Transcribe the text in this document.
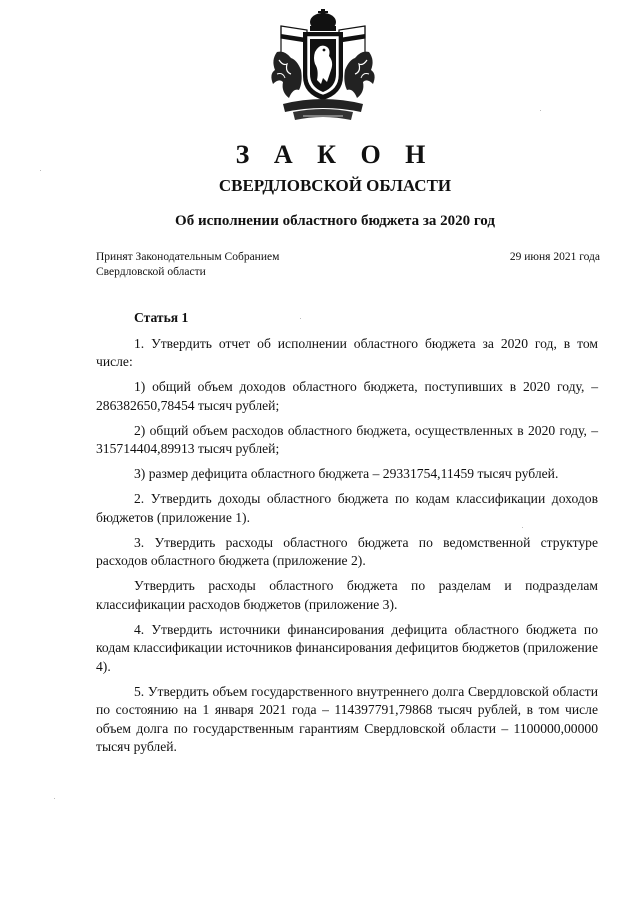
З А К О Н
СВЕРДЛОВСКОЙ ОБЛАСТИ
Об исполнении областного бюджета за 2020 год
Принят Законодательным Собранием
Свердловской области
29 июня 2021 года
Статья 1

1. Утвердить отчет об исполнении областного бюджета за 2020 год, в том числе:

1) общий объем доходов областного бюджета, поступивших в 2020 году, – 286382650,78454 тысяч рублей;

2) общий объем расходов областного бюджета, осуществленных в 2020 году, – 315714404,89913 тысяч рублей;

3) размер дефицита областного бюджета – 29331754,11459 тысяч рублей.

2. Утвердить доходы областного бюджета по кодам классификации доходов бюджетов (приложение 1).

3. Утвердить расходы областного бюджета по ведомственной структуре расходов областного бюджета (приложение 2).

Утвердить расходы областного бюджета по разделам и подразделам классификации расходов бюджетов (приложение 3).

4. Утвердить источники финансирования дефицита областного бюджета по кодам классификации источников финансирования дефицитов бюджетов (приложение 4).

5. Утвердить объем государственного внутреннего долга Свердловской области по состоянию на 1 января 2021 года – 114397791,79868 тысяч рублей, в том числе объем долга по государственным гарантиям Свердловской области – 1100000,00000 тысяч рублей.
